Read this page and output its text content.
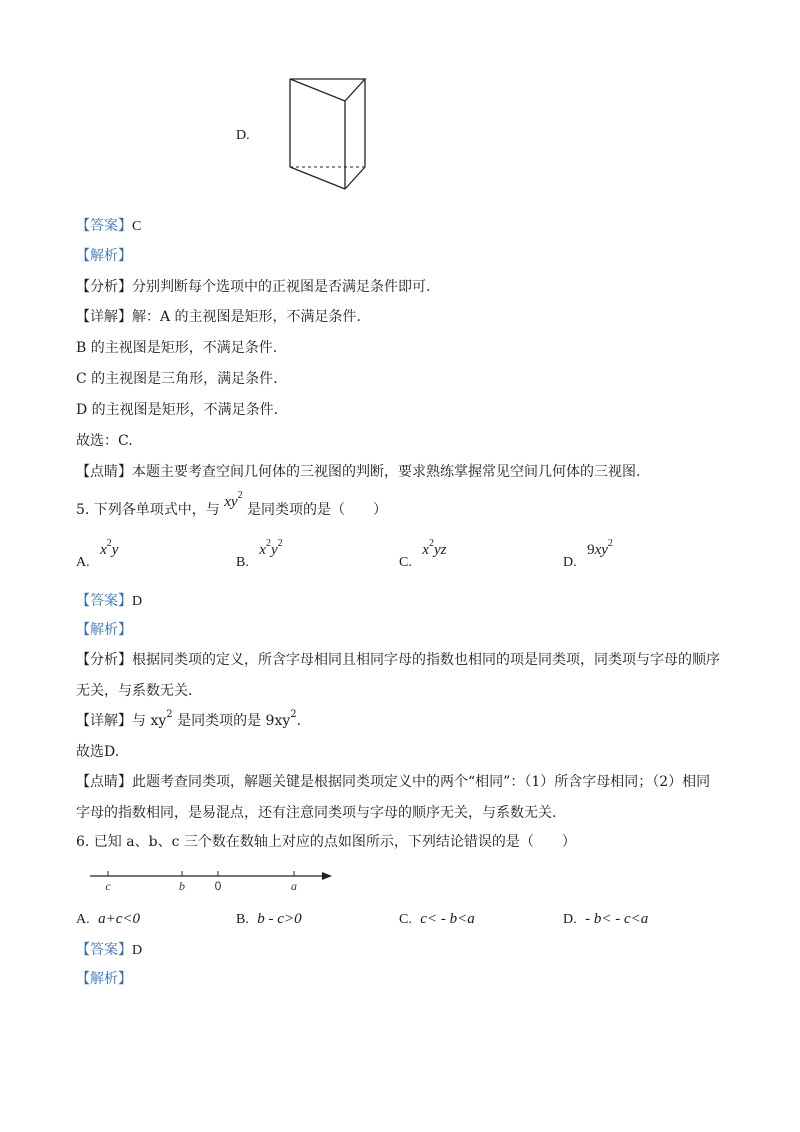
D.
【答案】C
【解析】
【分析】分别判断每个选项中的正视图是否满足条件即可.
【详解】解：A 的主视图是矩形，不满足条件.
B 的主视图是矩形，不满足条件.
C 的主视图是三角形，满足条件.
D 的主视图是矩形，不满足条件.
故选：C.
【点睛】本题主要考查空间几何体的三视图的判断，要求熟练掌握常见空间几何体的三视图.
5. 下列各单项式中，与 $xy^2$ 是同类项的是（　　）
A. $x^2y$
B. $x^2y^2$
C. $x^2yz$
D. $9xy^2$
【答案】D
【解析】
【分析】根据同类项的定义，所含字母相同且相同字母的指数也相同的项是同类项，同类项与字母的顺序
无关，与系数无关.
【详解】与 $xy^2$ 是同类项的是 $9xy^2$.
故选D.
【点睛】此题考查同类项，解题关键是根据同类项定义中的两个“相同”：（1）所含字母相同；（2）相同
字母的指数相同，是易混点，还有注意同类项与字母的顺序无关，与系数无关.
6. 已知 a、b、c 三个数在数轴上对应的点如图所示，下列结论错误的是（　　）
c	b 0	a
A. a+c<0	B. b - c>0	C. c< - b<a	D. - b< - c<a
【答案】D
【解析】
